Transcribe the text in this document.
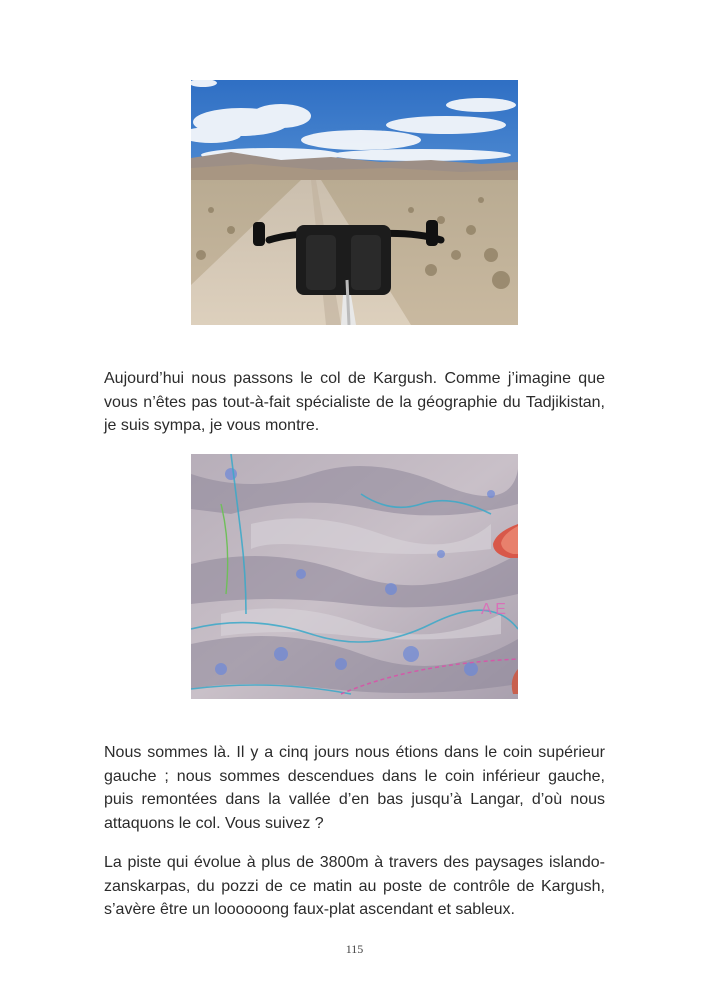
Aujourd’hui nous passons le col de Kargush. Comme j’imagine que vous n’êtes pas tout-à-fait spécialiste de la géographie du Tadjikistan, je suis sympa, je vous montre.

A E

Nous sommes là. Il y a cinq jours nous étions dans le coin supérieur gauche ; nous sommes descendues dans le coin inférieur gauche, puis remontées dans la vallée d’en bas jusqu’à Langar, d’où nous attaquons le col. Vous suivez ?

La piste qui évolue à plus de 3800m à travers des paysages islando-zanskarpas, du pozzi de ce matin au poste de contrôle de Kargush, s’avère être un loooooong faux-plat ascendant et sableux.

115
